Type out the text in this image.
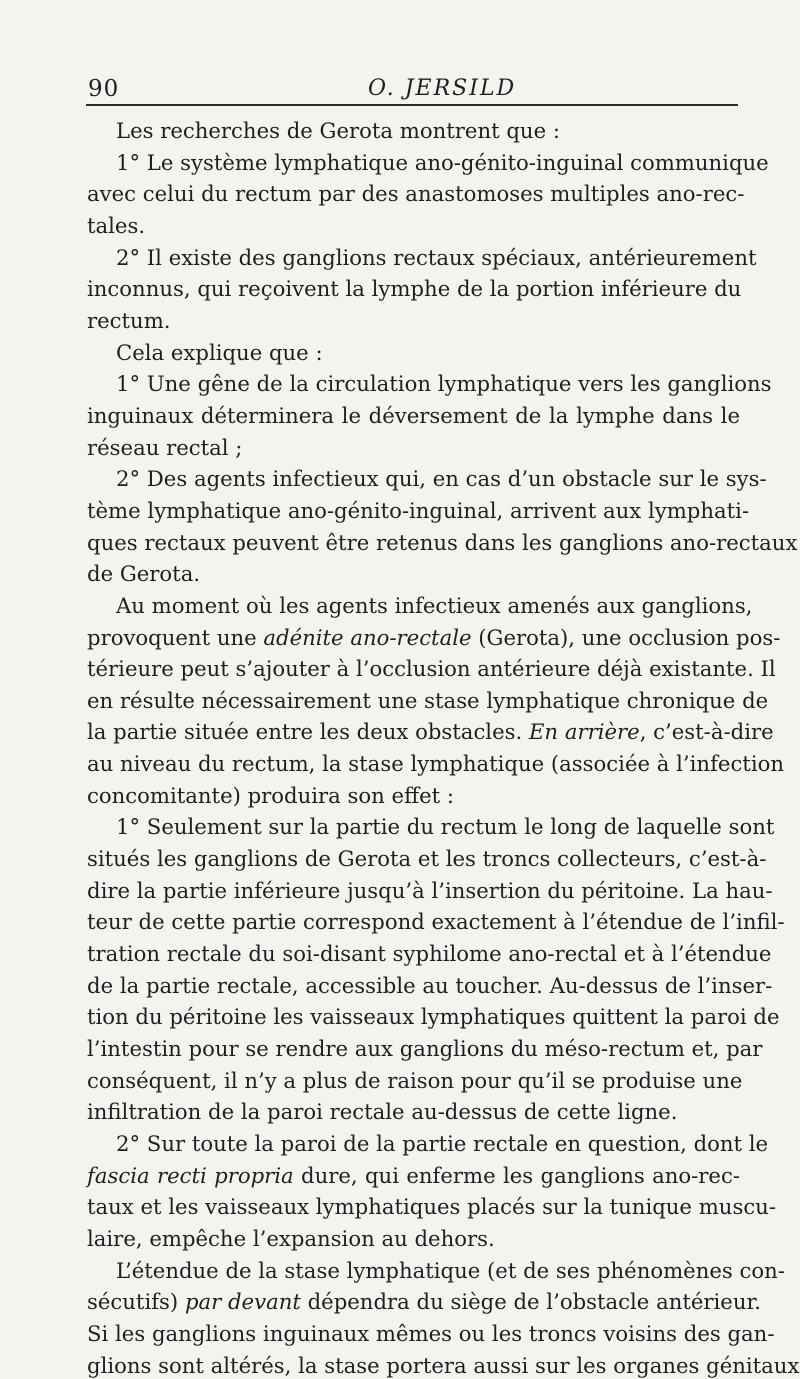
90	O. JERSILD
Les recherches de Gerota montrent que :
1° Le système lymphatique ano-génito-inguinal communique
avec celui du rectum par des anastomoses multiples ano-rec-
tales.
2° Il existe des ganglions rectaux spéciaux, antérieurement
inconnus, qui reçoivent la lymphe de la portion inférieure du
rectum.
Cela explique que :
1° Une gêne de la circulation lymphatique vers les ganglions
inguinaux déterminera le déversement de la lymphe dans le
réseau rectal ;
2° Des agents infectieux qui, en cas d’un obstacle sur le sys-
tème lymphatique ano-génito-inguinal, arrivent aux lymphati-
ques rectaux peuvent être retenus dans les ganglions ano-rectaux
de Gerota.
Au moment où les agents infectieux amenés aux ganglions,
provoquent une adénite ano-rectale (Gerota), une occlusion pos-
térieure peut s’ajouter à l’occlusion antérieure déjà existante. Il
en résulte nécessairement une stase lymphatique chronique de
la partie située entre les deux obstacles. En arrière, c’est-à-dire
au niveau du rectum, la stase lymphatique (associée à l’infection
concomitante) produira son effet :
1° Seulement sur la partie du rectum le long de laquelle sont
situés les ganglions de Gerota et les troncs collecteurs, c’est-à-
dire la partie inférieure jusqu’à l’insertion du péritoine. La hau-
teur de cette partie correspond exactement à l’étendue de l’infil-
tration rectale du soi-disant syphilome ano-rectal et à l’étendue
de la partie rectale, accessible au toucher. Au-dessus de l’inser-
tion du péritoine les vaisseaux lymphatiques quittent la paroi de
l’intestin pour se rendre aux ganglions du méso-rectum et, par
conséquent, il n’y a plus de raison pour qu’il se produise une
infiltration de la paroi rectale au-dessus de cette ligne.
2° Sur toute la paroi de la partie rectale en question, dont le
fascia recti propria dure, qui enferme les ganglions ano-rec-
taux et les vaisseaux lymphatiques placés sur la tunique muscu-
laire, empêche l’expansion au dehors.
L’étendue de la stase lymphatique (et de ses phénomènes con-
sécutifs) par devant dépendra du siège de l’obstacle antérieur.
Si les ganglions inguinaux mêmes ou les troncs voisins des gan-
glions sont altérés, la stase portera aussi sur les organes génitaux
